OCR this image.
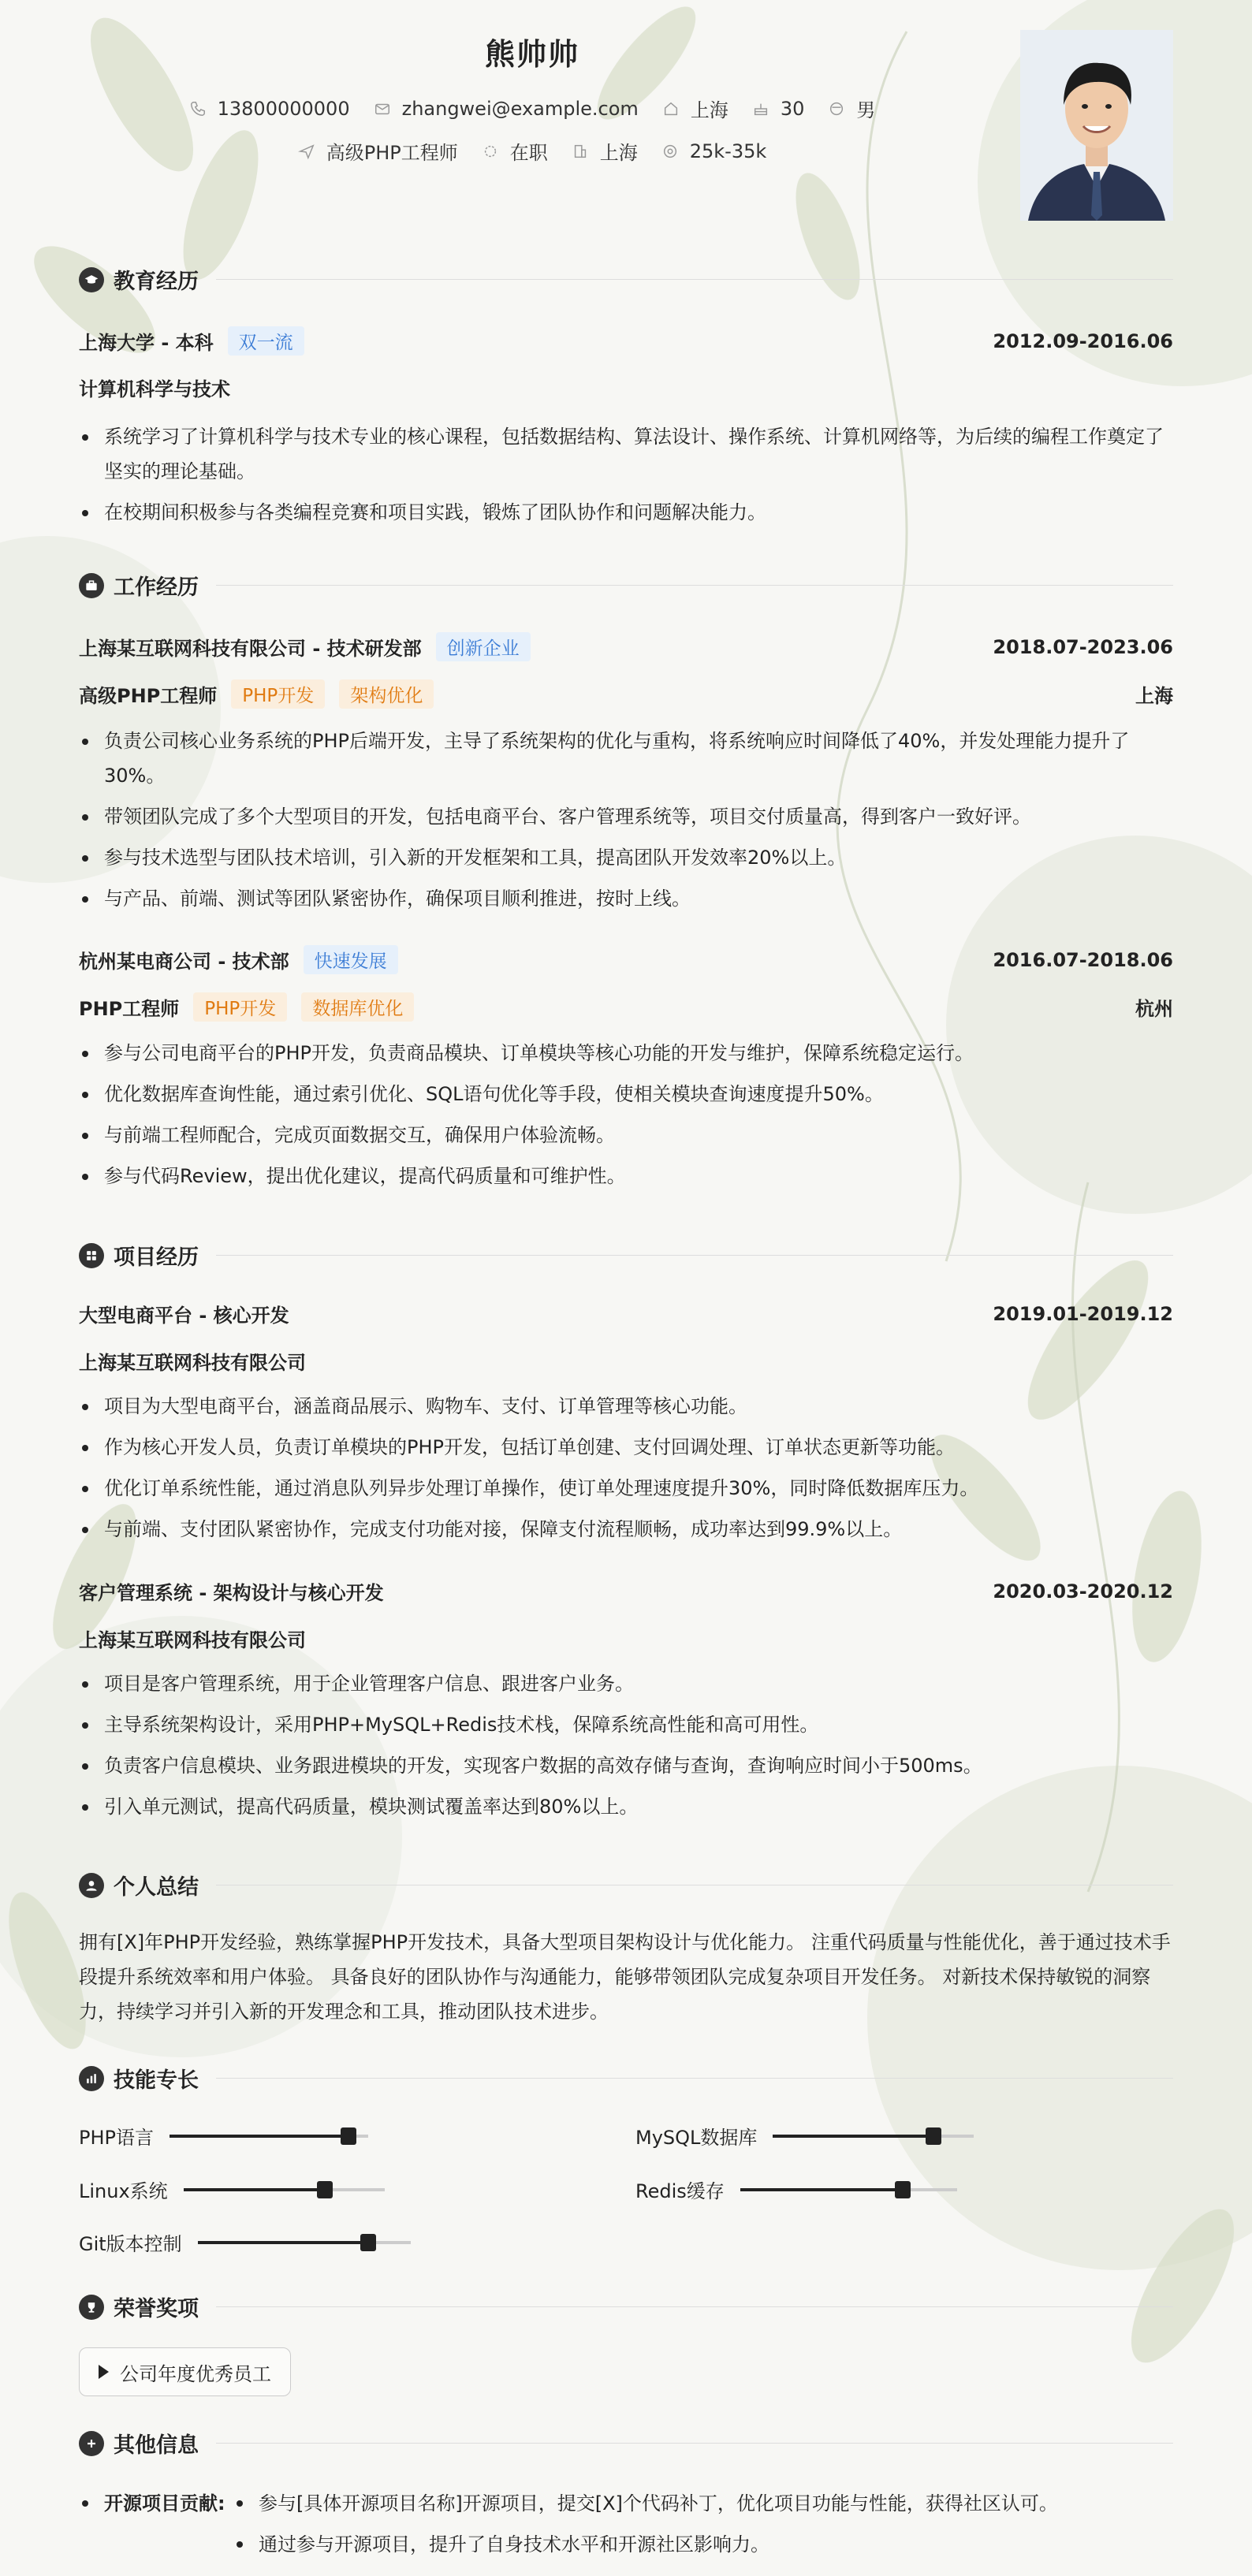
熊帅帅
13800000000	zhangwei@example.com	上海	30	男
高级PHP工程师	在职	上海	25k-35k
教育经历
上海大学 - 本科	双一流	2012.09-2016.06
计算机科学与技术
系统学习了计算机科学与技术专业的核心课程，包括数据结构、算法设计、操作系统、计算机网络等，为后续的编程工作奠定了坚实的理论基础。
在校期间积极参与各类编程竞赛和项目实践，锻炼了团队协作和问题解决能力。
工作经历
上海某互联网科技有限公司 - 技术研发部	创新企业	2018.07-2023.06
高级PHP工程师	PHP开发	架构优化	上海
负责公司核心业务系统的PHP后端开发，主导了系统架构的优化与重构，将系统响应时间降低了40%，并发处理能力提升了30%。
带领团队完成了多个大型项目的开发，包括电商平台、客户管理系统等，项目交付质量高，得到客户一致好评。
参与技术选型与团队技术培训，引入新的开发框架和工具，提高团队开发效率20%以上。
与产品、前端、测试等团队紧密协作，确保项目顺利推进，按时上线。
杭州某电商公司 - 技术部	快速发展	2016.07-2018.06
PHP工程师	PHP开发	数据库优化	杭州
参与公司电商平台的PHP开发，负责商品模块、订单模块等核心功能的开发与维护，保障系统稳定运行。
优化数据库查询性能，通过索引优化、SQL语句优化等手段，使相关模块查询速度提升50%。
与前端工程师配合，完成页面数据交互，确保用户体验流畅。
参与代码Review，提出优化建议，提高代码质量和可维护性。
项目经历
大型电商平台 - 核心开发	2019.01-2019.12
上海某互联网科技有限公司
项目为大型电商平台，涵盖商品展示、购物车、支付、订单管理等核心功能。
作为核心开发人员，负责订单模块的PHP开发，包括订单创建、支付回调处理、订单状态更新等功能。
优化订单系统性能，通过消息队列异步处理订单操作，使订单处理速度提升30%，同时降低数据库压力。
与前端、支付团队紧密协作，完成支付功能对接，保障支付流程顺畅，成功率达到99.9%以上。
客户管理系统 - 架构设计与核心开发	2020.03-2020.12
上海某互联网科技有限公司
项目是客户管理系统，用于企业管理客户信息、跟进客户业务。
主导系统架构设计，采用PHP+MySQL+Redis技术栈，保障系统高性能和高可用性。
负责客户信息模块、业务跟进模块的开发，实现客户数据的高效存储与查询，查询响应时间小于500ms。
引入单元测试，提高代码质量，模块测试覆盖率达到80%以上。
个人总结

拥有[X]年PHP开发经验，熟练掌握PHP开发技术，具备大型项目架构设计与优化能力。 注重代码质量与性能优化，善于通过技术手段提升系统效率和用户体验。 具备良好的团队协作与沟通能力，能够带领团队完成复杂项目开发任务。 对新技术保持敏锐的洞察力，持续学习并引入新的开发理念和工具，推动团队技术进步。

技能专长
PHP语言	MySQL数据库
Linux系统	Redis缓存
Git版本控制
荣誉奖项
公司年度优秀员工
其他信息
开源项目贡献:	参与[具体开源项目名称]开源项目，提交[X]个代码补丁，优化项目功能与性能，获得社区认可。
通过参与开源项目，提升了自身技术水平和开源社区影响力。
